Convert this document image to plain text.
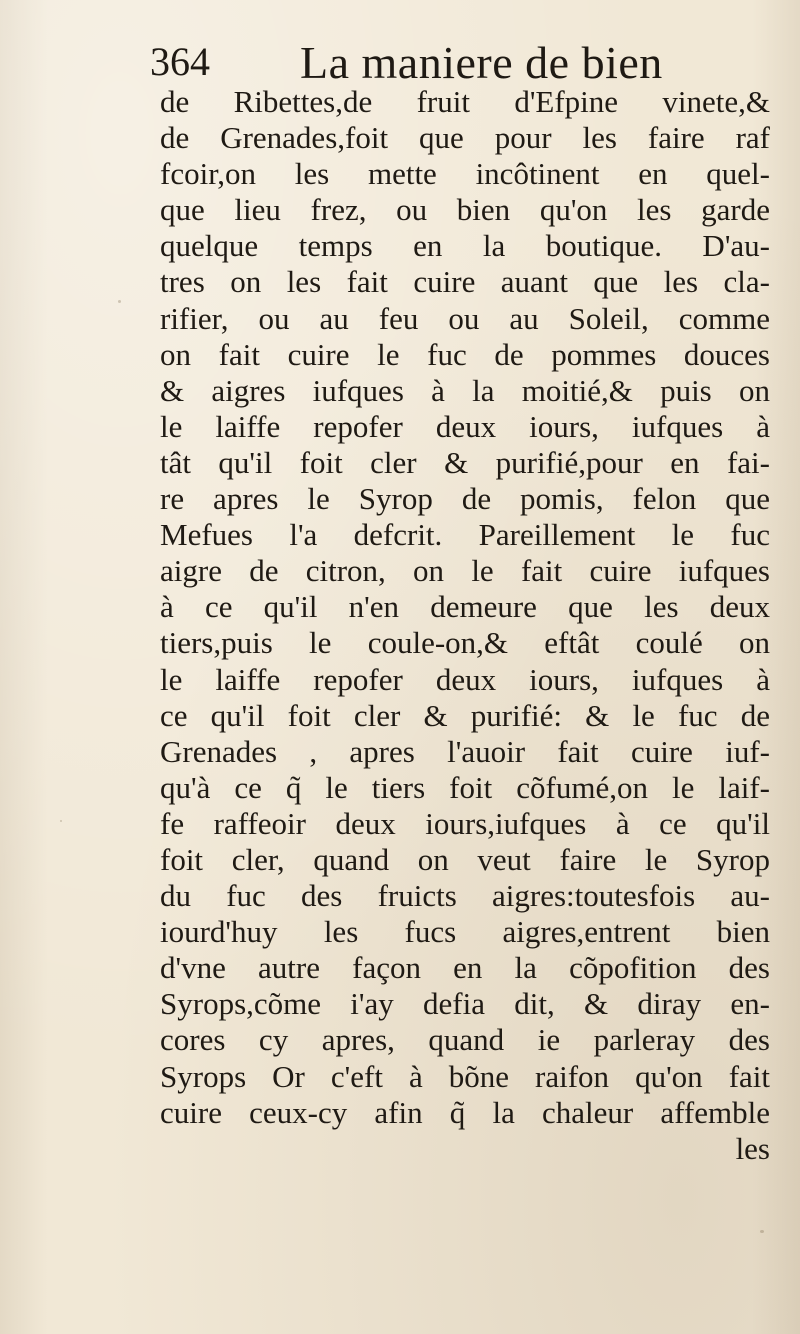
364 La maniere de bien
de Ribettes,de fruit d'Efpine vinete,&
de Grenades,foit que pour les faire raf
fcoir,on les mette incôtinent en quel-
que lieu frez, ou bien qu'on les garde
quelque temps en la boutique. D'au-
tres on les fait cuire auant que les cla-
rifier, ou au feu ou au Soleil, comme
on fait cuire le fuc de pommes douces
& aigres iufques à la moitié,& puis on
le laiffe repofer deux iours, iufques à
tât qu'il foit cler & purifié,pour en fai-
re apres le Syrop de pomis, felon que
Mefues l'a defcrit. Pareillement le fuc
aigre de citron, on le fait cuire iufques
à ce qu'il n'en demeure que les deux
tiers,puis le coule-on,& eftât coulé on
le laiffe repofer deux iours, iufques à
ce qu'il foit cler & purifié: & le fuc de
Grenades , apres l'auoir fait cuire iuf-
qu'à ce q̃ le tiers foit cõfumé,on le laif-
fe raffeoir deux iours,iufques à ce qu'il
foit cler, quand on veut faire le Syrop
du fuc des fruicts aigres:toutesfois au-
iourd'huy les fucs aigres,entrent bien
d'vne autre façon en la cõpofition des
Syrops,cõme i'ay defia dit, & diray en-
cores cy apres, quand ie parleray des
Syrops Or c'eft à bõne raifon qu'on fait
cuire ceux-cy afin q̃ la chaleur affemble
les
